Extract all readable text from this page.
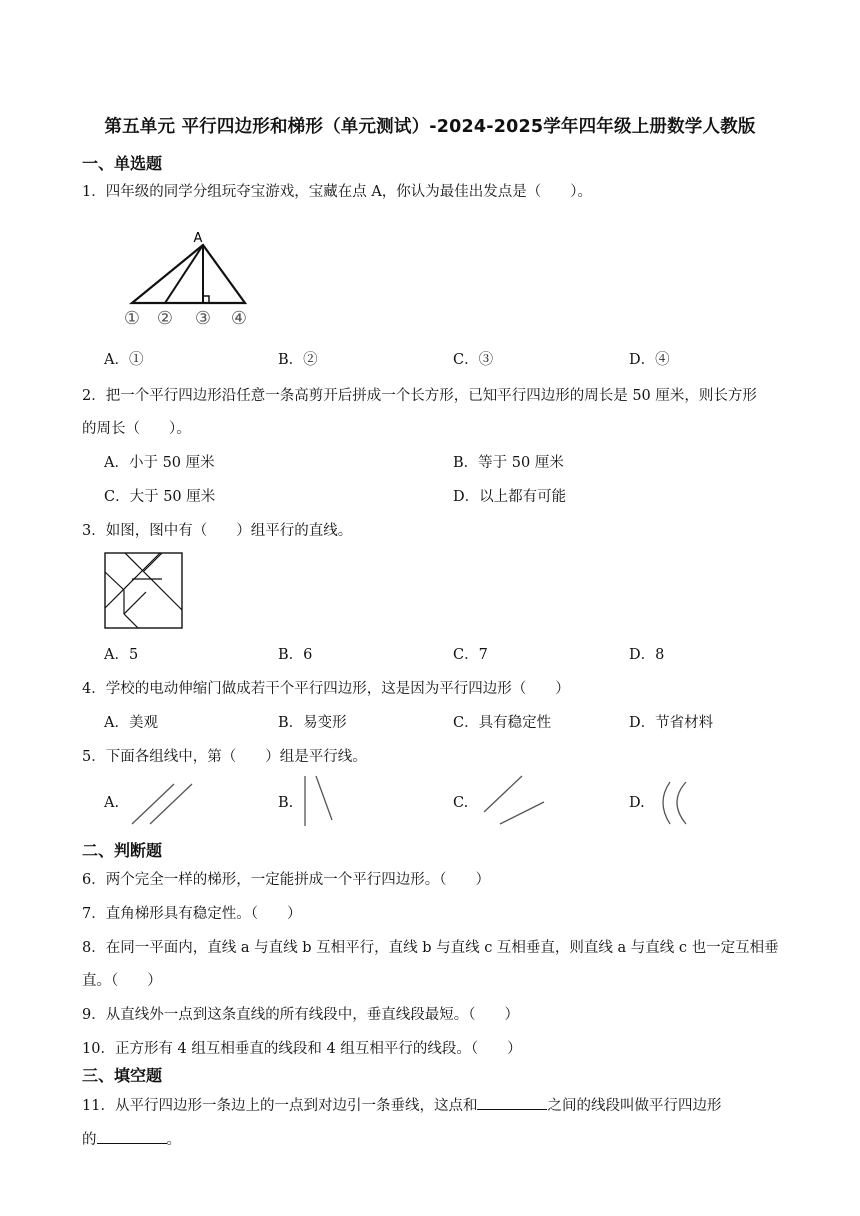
第五单元 平行四边形和梯形（单元测试）-2024-2025学年四年级上册数学人教版
一、单选题
1．四年级的同学分组玩夺宝游戏，宝藏在点 A，你认为最佳出发点是（　　）。
A
① ② ③ ④
A．①	B．②	C．③	D．④
2．把一个平行四边形沿任意一条高剪开后拼成一个长方形，已知平行四边形的周长是 50 厘米，则长方形
的周长（　　）。
A．小于 50 厘米	B．等于 50 厘米
C．大于 50 厘米	D．以上都有可能
3．如图，图中有（　　）组平行的直线。
A．5	B．6	C．7	D．8
4．学校的电动伸缩门做成若干个平行四边形，这是因为平行四边形（　　）
A．美观	B．易变形	C．具有稳定性	D．节省材料
5．下面各组线中，第（　　）组是平行线。
A.	B.	C.	D.
二、判断题
6．两个完全一样的梯形，一定能拼成一个平行四边形。（　　）
7．直角梯形具有稳定性。（　　）
8．在同一平面内，直线 a 与直线 b 互相平行，直线 b 与直线 c 互相垂直，则直线 a 与直线 c 也一定互相垂
直。（　　）
9．从直线外一点到这条直线的所有线段中，垂直线段最短。（　　）
10．正方形有 4 组互相垂直的线段和 4 组互相平行的线段。（　　）
三、填空题
11．从平行四边形一条边上的一点到对边引一条垂线，这点和	之间的线段叫做平行四边形
的	。
